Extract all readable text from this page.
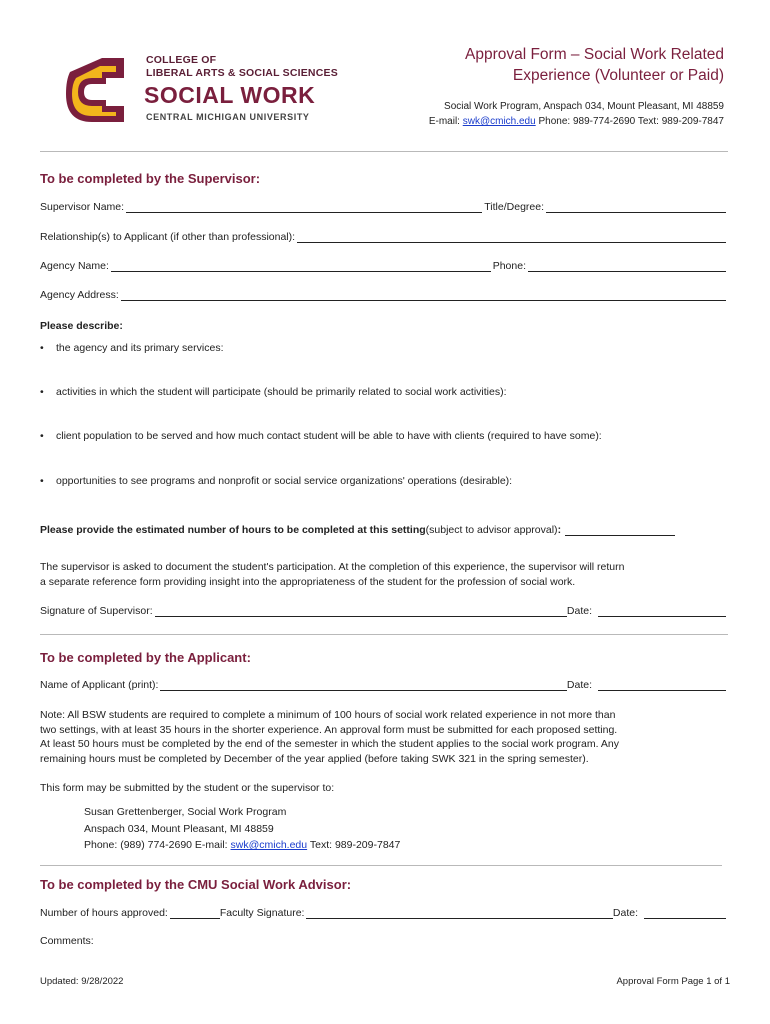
COLLEGE OF
LIBERAL ARTS & SOCIAL SCIENCES
SOCIAL WORK
CENTRAL MICHIGAN UNIVERSITY
Approval Form – Social Work Related
Experience (Volunteer or Paid)
Social Work Program, Anspach 034, Mount Pleasant, MI 48859
E-mail: swk@cmich.edu Phone: 989-774-2690 Text: 989-209-7847
To be completed by the Supervisor:
Supervisor Name:	Title/Degree:
Relationship(s) to Applicant (if other than professional):
Agency Name:	Phone:
Agency Address:
Please describe:
• the agency and its primary services:
• activities in which the student will participate (should be primarily related to social work activities):
• client population to be served and how much contact student will be able to have with clients (required to have some):
• opportunities to see programs and nonprofit or social service organizations' operations (desirable):
Please provide the estimated number of hours to be completed at this setting (subject to advisor approval) :
The supervisor is asked to document the student's participation. At the completion of this experience, the supervisor will return
a separate reference form providing insight into the appropriateness of the student for the profession of social work.
Signature of Supervisor:	Date:
To be completed by the Applicant:
Name of Applicant (print):	Date:
Note: All BSW students are required to complete a minimum of 100 hours of social work related experience in not more than
two settings, with at least 35 hours in the shorter experience. An approval form must be submitted for each proposed setting.
At least 50 hours must be completed by the end of the semester in which the student applies to the social work program. Any
remaining hours must be completed by December of the year applied (before taking SWK 321 in the spring semester).
This form may be submitted by the student or the supervisor to:
Susan Grettenberger, Social Work Program
Anspach 034, Mount Pleasant, MI 48859
Phone: (989) 774-2690 E-mail: swk@cmich.edu Text: 989-209-7847
To be completed by the CMU Social Work Advisor:
Number of hours approved:	Faculty Signature:	Date:
Comments:
Updated: 9/28/2022	Approval Form Page 1 of 1
